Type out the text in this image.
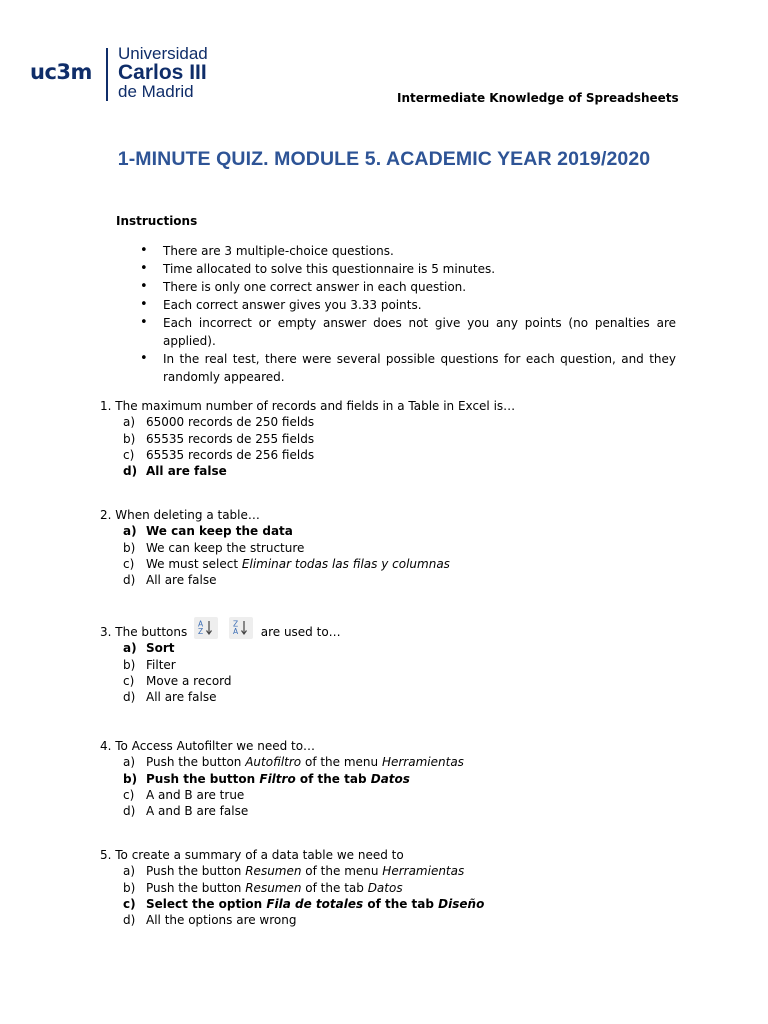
uc3m
Universidad
Carlos III
de Madrid	Intermediate Knowledge of Spreadsheets
1-MINUTE QUIZ. MODULE 5. ACADEMIC YEAR 2019/2020
Instructions
• There are 3 multiple-choice questions.
• Time allocated to solve this questionnaire is 5 minutes.
• There is only one correct answer in each question.
• Each correct answer gives you 3.33 points.
• Each incorrect or empty answer does not give you any points (no penalties are applied).
• In the real test, there were several possible questions for each question, and they randomly appeared.
1. The maximum number of records and fields in a Table in Excel is…
a) 65000 records de 250 fields
b) 65535 records de 255 fields
c) 65535 records de 256 fields
d) All are false
2. When deleting a table…
a) We can keep the data
b) We can keep the structure
c) We must select Eliminar todas las filas y columnas
d) All are false
3. The buttons
A
Z

Z
A are used to…
a) Sort
b) Filter
c) Move a record
d) All are false
4. To Access Autofilter we need to…
a) Push the button Autofiltro of the menu Herramientas
b) Push the button Filtro of the tab Datos
c) A and B are true
d) A and B are false
5. To create a summary of a data table we need to
a) Push the button Resumen of the menu Herramientas
b) Push the button Resumen of the tab Datos
c) Select the option Fila de totales of the tab Diseño
d) All the options are wrong
